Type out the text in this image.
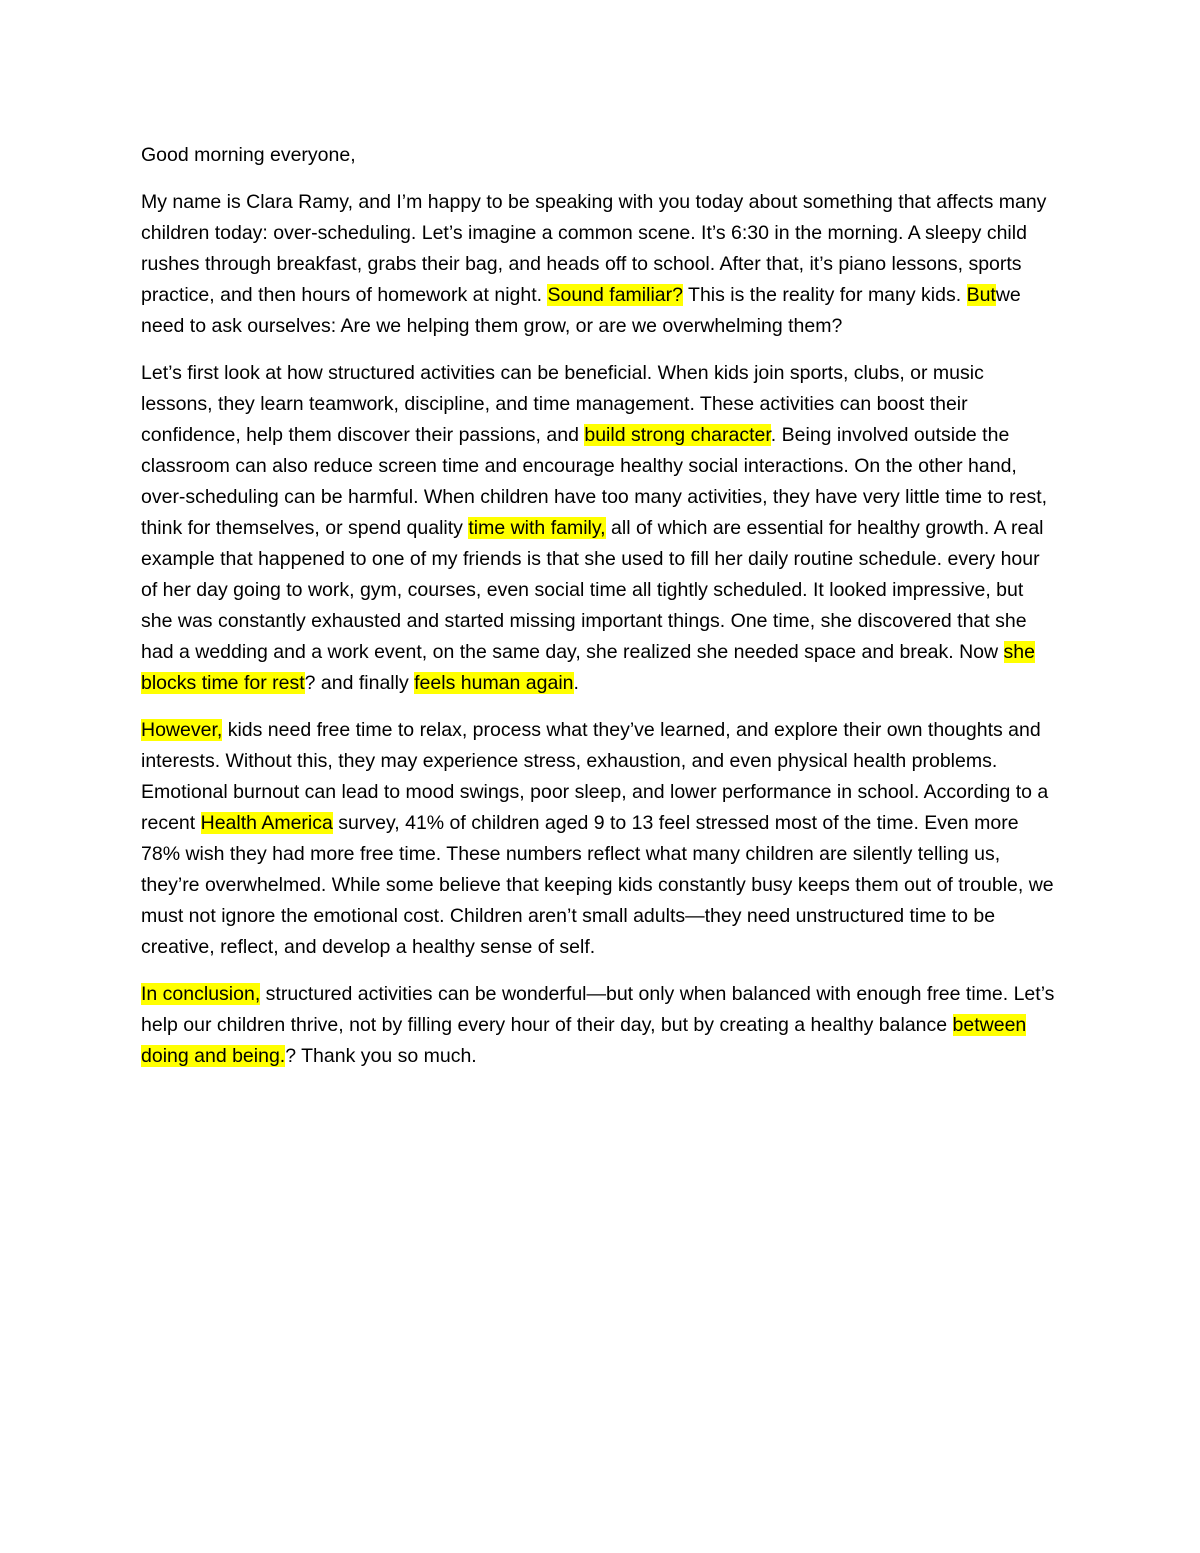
Good morning everyone,

My name is Clara Ramy, and I’m happy to be speaking with you today about something that affects many children today: over-scheduling. Let’s imagine a common scene. It’s 6:30 in the morning. A sleepy child rushes through breakfast, grabs their bag, and heads off to school. After that, it’s piano lessons, sports practice, and then hours of homework at night. Sound familiar? This is the reality for many kids. Butwe need to ask ourselves: Are we helping them grow, or are we overwhelming them?

Let’s first look at how structured activities can be beneficial. When kids join sports, clubs, or music lessons, they learn teamwork, discipline, and time management. These activities can boost their confidence, help them discover their passions, and build strong character. Being involved outside the classroom can also reduce screen time and encourage healthy social interactions. On the other hand, over-scheduling can be harmful. When children have too many activities, they have very little time to rest, think for themselves, or spend quality time with family, all of which are essential for healthy growth. A real example that happened to one of my friends is that she used to fill her daily routine schedule. every hour of her day going to work, gym, courses, even social time all tightly scheduled. It looked impressive, but she was constantly exhausted and started missing important things. One time, she discovered that she had a wedding and a work event, on the same day, she realized she needed space and break. Now she blocks time for rest? and finally feels human again.

However, kids need free time to relax, process what they’ve learned, and explore their own thoughts and interests. Without this, they may experience stress, exhaustion, and even physical health problems. Emotional burnout can lead to mood swings, poor sleep, and lower performance in school. According to a recent Health America survey, 41% of children aged 9 to 13 feel stressed most of the time. Even more 78% wish they had more free time. These numbers reflect what many children are silently telling us, they’re overwhelmed. While some believe that keeping kids constantly busy keeps them out of trouble, we must not ignore the emotional cost. Children aren’t small adults—they need unstructured time to be creative, reflect, and develop a healthy sense of self.

In conclusion, structured activities can be wonderful—but only when balanced with enough free time. Let’s help our children thrive, not by filling every hour of their day, but by creating a healthy balance between doing and being.? Thank you so much.
